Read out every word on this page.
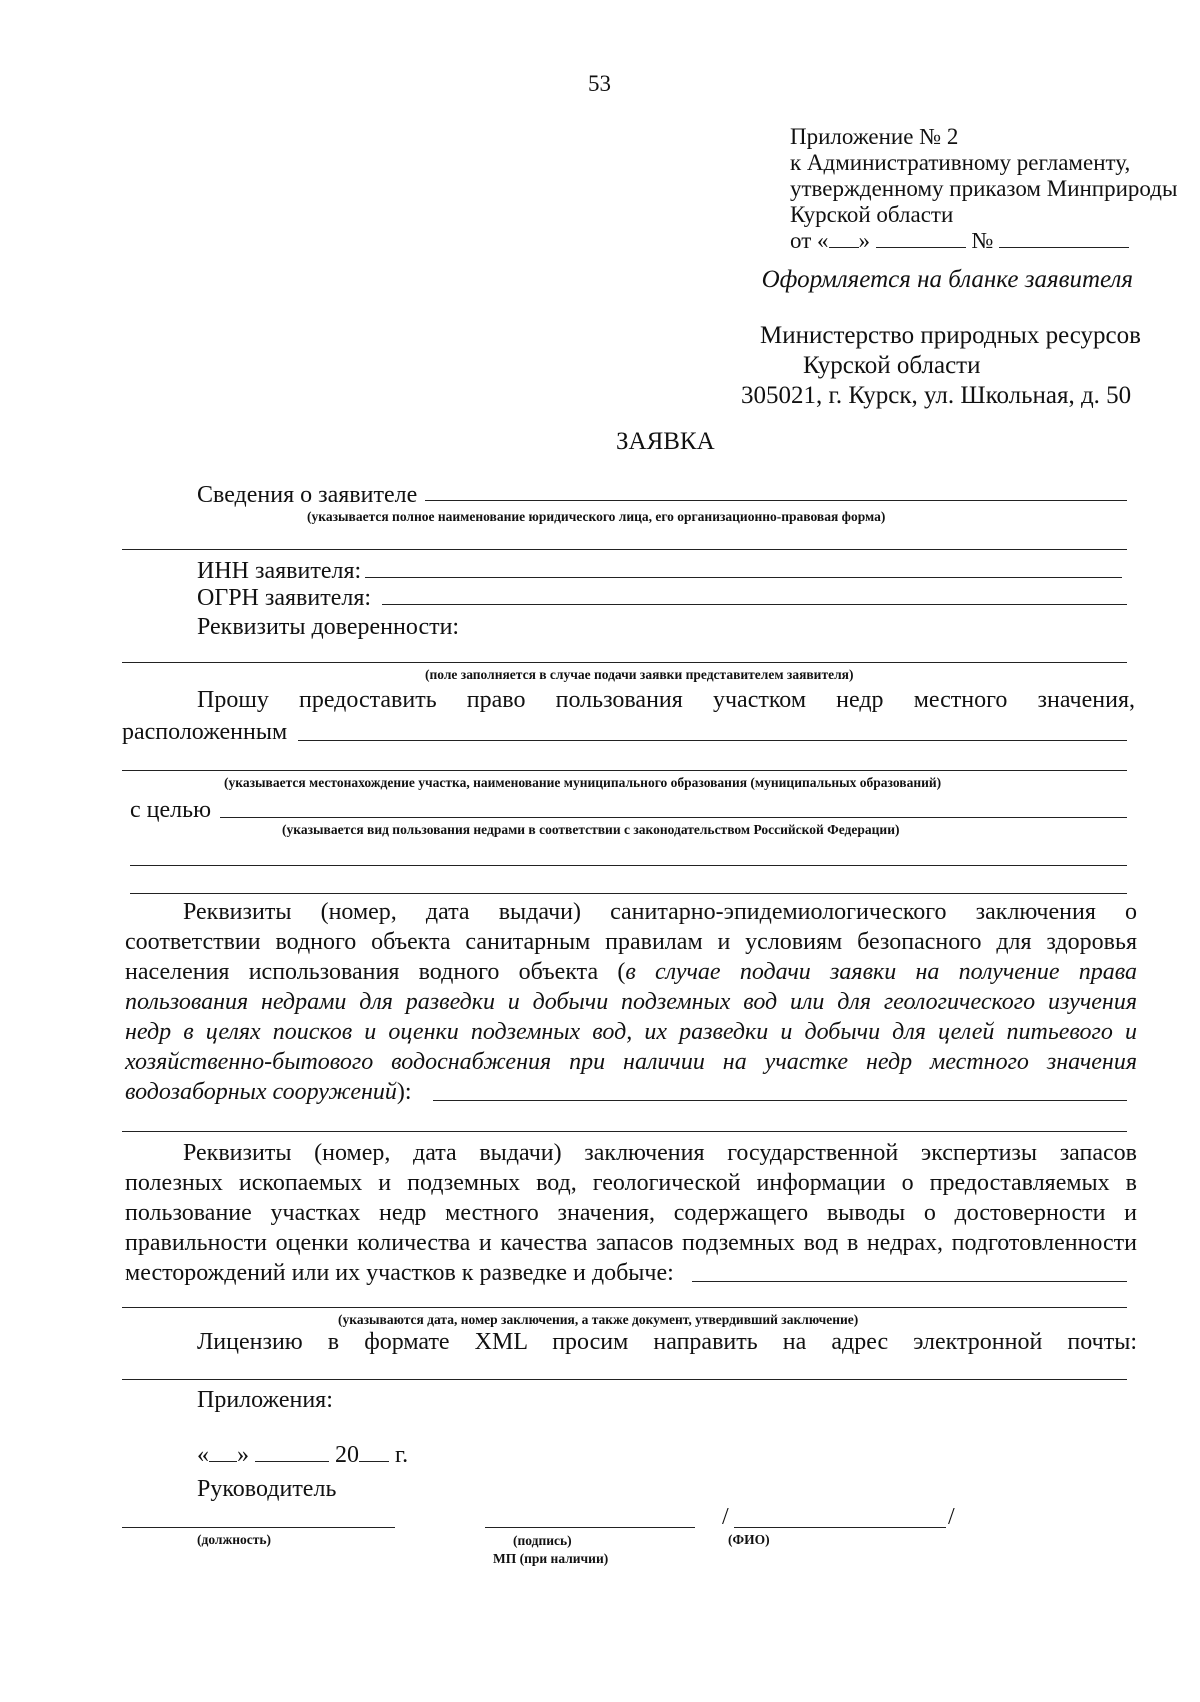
53
Приложение № 2
к Административному регламенту,
утвержденному приказом Минприроды
Курской области
от « »	№
Оформляется на бланке заявителя
Министерство природных ресурсов
Курской области
305021, г. Курск, ул. Школьная, д. 50
ЗАЯВКА
Сведения о заявителе
(указывается полное наименование юридического лица, его организационно-правовая форма)
ИНН заявителя:
ОГРН заявителя:
Реквизиты доверенности:
(поле заполняется в случае подачи заявки представителем заявителя)
Прошу предоставить право пользования участком недр местного значения,
расположенным
(указывается местонахождение участка, наименование муниципального образования (муниципальных образований)
с целью
(указывается вид пользования недрами в соответствии с законодательством Российской Федерации)
Реквизиты (номер, дата выдачи) санитарно-эпидемиологического заключения о
соответствии водного объекта санитарным правилам и условиям безопасного для здоровья
населения использования водного объекта (в случае подачи заявки на получение права
пользования недрами для разведки и добычи подземных вод или для геологического изучения
недр в целях поисков и оценки подземных вод, их разведки и добычи для целей питьевого и
хозяйственно-бытового водоснабжения при наличии на участке недр местного значения
водозаборных сооружений):
Реквизиты (номер, дата выдачи) заключения государственной экспертизы запасов
полезных ископаемых и подземных вод, геологической информации о предоставляемых в
пользование участках недр местного значения, содержащего выводы о достоверности и
правильности оценки количества и качества запасов подземных вод в недрах, подготовленности
месторождений или их участков к разведке и добыче:
(указываются дата, номер заключения, а также документ, утвердивший заключение)
Лицензию в формате XML просим направить на адрес электронной почты:
Приложения:
« »	20 г.
Руководитель
(должность)	(подпись)
МП (при наличии)
/	/
(ФИО)
